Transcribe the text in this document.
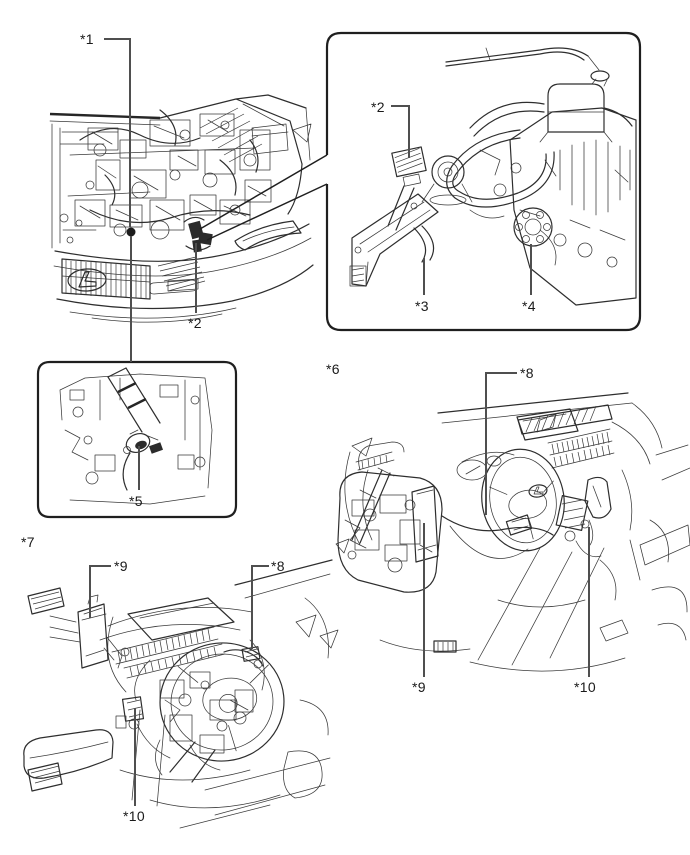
*1
*2
*2
*3	*4
*5
*6	*8
*9	*10
*7
*9	*8
*10
